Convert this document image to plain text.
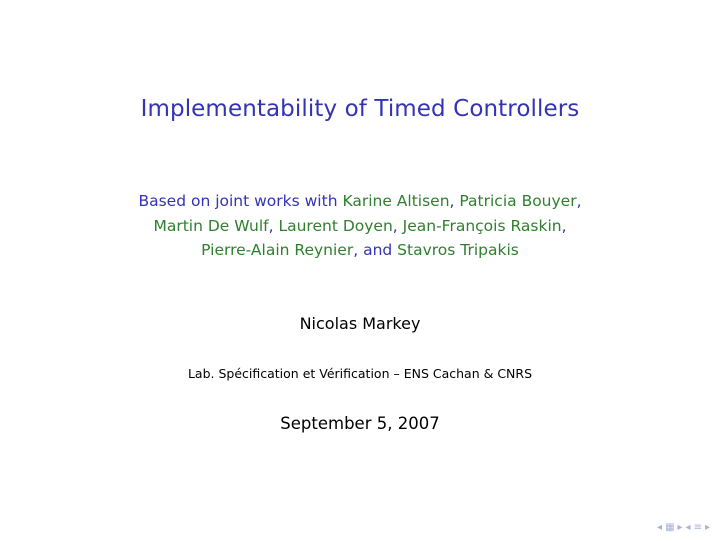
Implementability of Timed Controllers
Based on joint works with Karine Altisen, Patricia Bouyer,
Martin De Wulf, Laurent Doyen, Jean-François Raskin,
Pierre-Alain Reynier, and Stavros Tripakis
Nicolas Markey
Lab. Spécification et Vérification – ENS Cachan & CNRS
September 5, 2007
◂ ▦ ▸ ◂ ≡ ▸
